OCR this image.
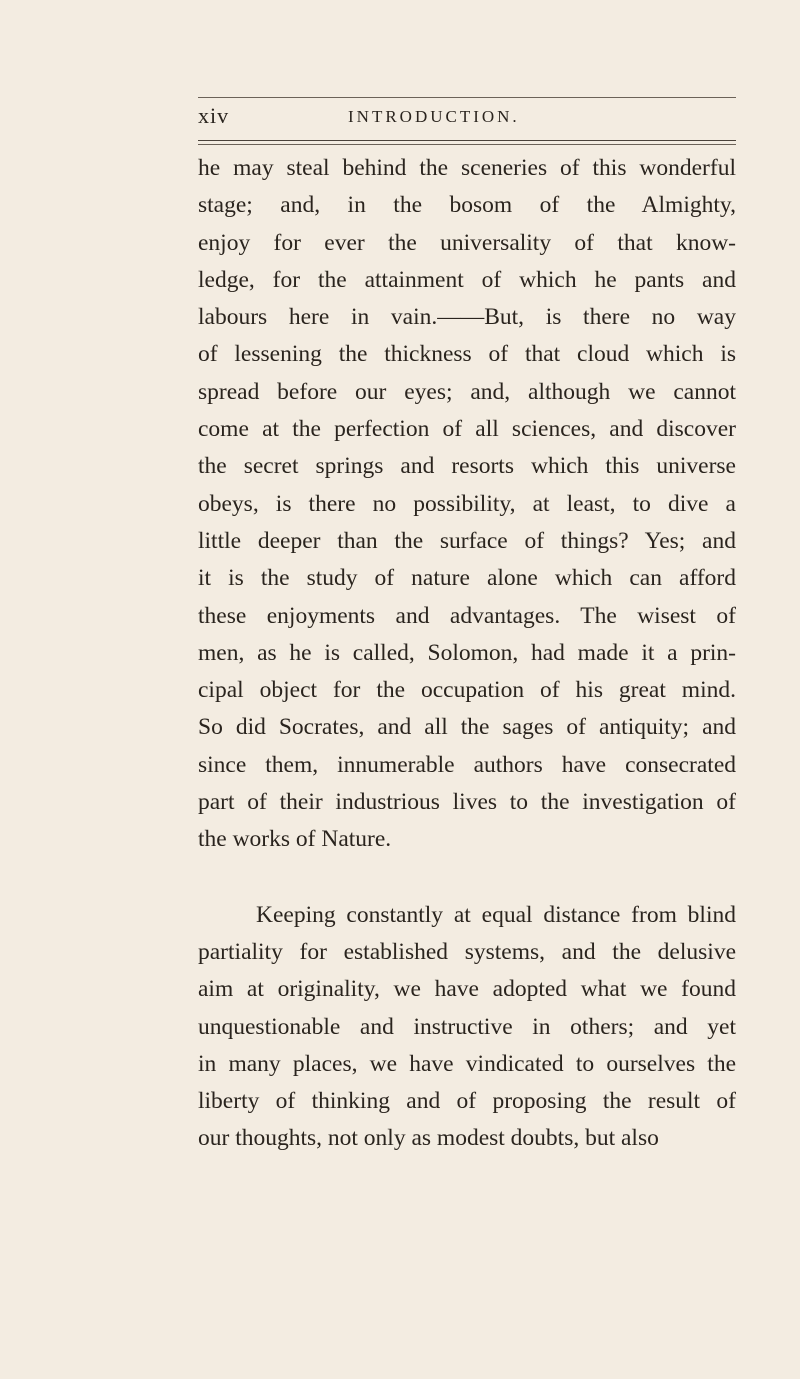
xiv	INTRODUCTION.
he may steal behind the sceneries of this wonderful
stage; and, in the bosom of the Almighty,
enjoy for ever the universality of that know-
ledge, for the attainment of which he pants and
labours here in vain.——But, is there no way
of lessening the thickness of that cloud which is
spread before our eyes; and, although we cannot
come at the perfection of all sciences, and discover
the secret springs and resorts which this universe
obeys, is there no possibility, at least, to dive a
little deeper than the surface of things? Yes; and
it is the study of nature alone which can afford
these enjoyments and advantages. The wisest of
men, as he is called, Solomon, had made it a prin-
cipal object for the occupation of his great mind.
So did Socrates, and all the sages of antiquity; and
since them, innumerable authors have consecrated
part of their industrious lives to the investigation of
the works of Nature.
Keeping constantly at equal distance from blind
partiality for established systems, and the delusive
aim at originality, we have adopted what we found
unquestionable and instructive in others; and yet
in many places, we have vindicated to ourselves the
liberty of thinking and of proposing the result of
our thoughts, not only as modest doubts, but also
